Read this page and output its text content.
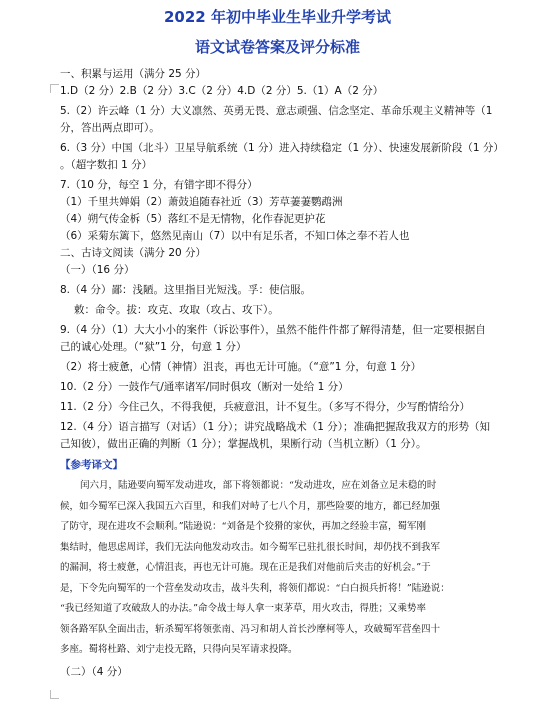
2022 年初中毕业生毕业升学考试
语文试卷答案及评分标准
一、积累与运用（满分 25 分）
1.D（2 分）2.B（2 分）3.C（2 分）4.D（2 分）5.（1）A（2 分）
5.（2）许云峰（1 分）大义凛然、英勇无畏、意志顽强、信念坚定、革命乐观主义精神等（1
分，答出两点即可）。
6.（3 分）中国（北斗）卫星导航系统（1 分）进入持续稳定（1 分）、快速发展新阶段（1 分）
。（超字数扣 1 分）
7.（10 分，每空 1 分，有错字即不得分）
（1）千里共婵娟（2）萧鼓追随春社近（3）芳草萋萋鹦鹉洲
（4）朔气传金柝（5）落红不是无情物，化作春泥更护花
（6）采菊东篱下，悠然见南山（7）以中有足乐者，不知口体之奉不若人也
二、古诗文阅读（满分 20 分）
（一）（16 分）
8.（4 分）鄙：浅陋。这里指目光短浅。孚：使信服。
敕：命令。拔：攻克、攻取（攻占、攻下）。
9.（4 分）（1）大大小小的案件（诉讼事件），虽然不能件件都了解得清楚，但一定要根据自
己的诚心处理。（“狱”1 分，句意 1 分）
（2）将士疲惫，心情（神情）沮丧，再也无计可施。（“意”1 分，句意 1 分）
10.（2 分）一鼓作气/通率诸军/同时俱攻（断对一处给 1 分）
11.（2 分）今住己久，不得我便，兵疲意沮，计不复生。（多写不得分，少写酌情给分）
12.（4 分）语言描写（对话）（1 分）；讲究战略战术（1 分）；准确把握敌我双方的形势（知
己知彼），做出正确的判断（1 分）；掌握战机，果断行动（当机立断）（1 分）。
【参考译文】
闰六月，陆逊要向蜀军发动进攻，部下将领都说：“发动进攻，应在刘备立足未稳的时
候，如今蜀军已深入我国五六百里，和我们对峙了七八个月，那些险要的地方，都已经加强
了防守，现在进攻不会顺利。”陆逊说：“刘备是个狡猾的家伙，再加之经验丰富，蜀军刚
集结时，他思虑周详，我们无法向他发动攻击。如今蜀军已驻扎很长时间，却仍找不到我军
的漏洞，将士疲惫，心情沮丧，再也无计可施。现在正是我们对他前后夹击的好机会。”于
是，下令先向蜀军的一个营垒发动攻击，战斗失利，将领们都说：“白白损兵折将！”陆逊说：
“我已经知道了攻破敌人的办法。”命令战士每人拿一束茅草，用火攻击，得胜；又乘势率
领各路军队全面出击，斩杀蜀军将领张南、冯习和胡人首长沙摩柯等人，攻破蜀军营垒四十
多座。蜀将杜路、刘宁走投无路，只得向吴军请求投降。
（二）（4 分）
